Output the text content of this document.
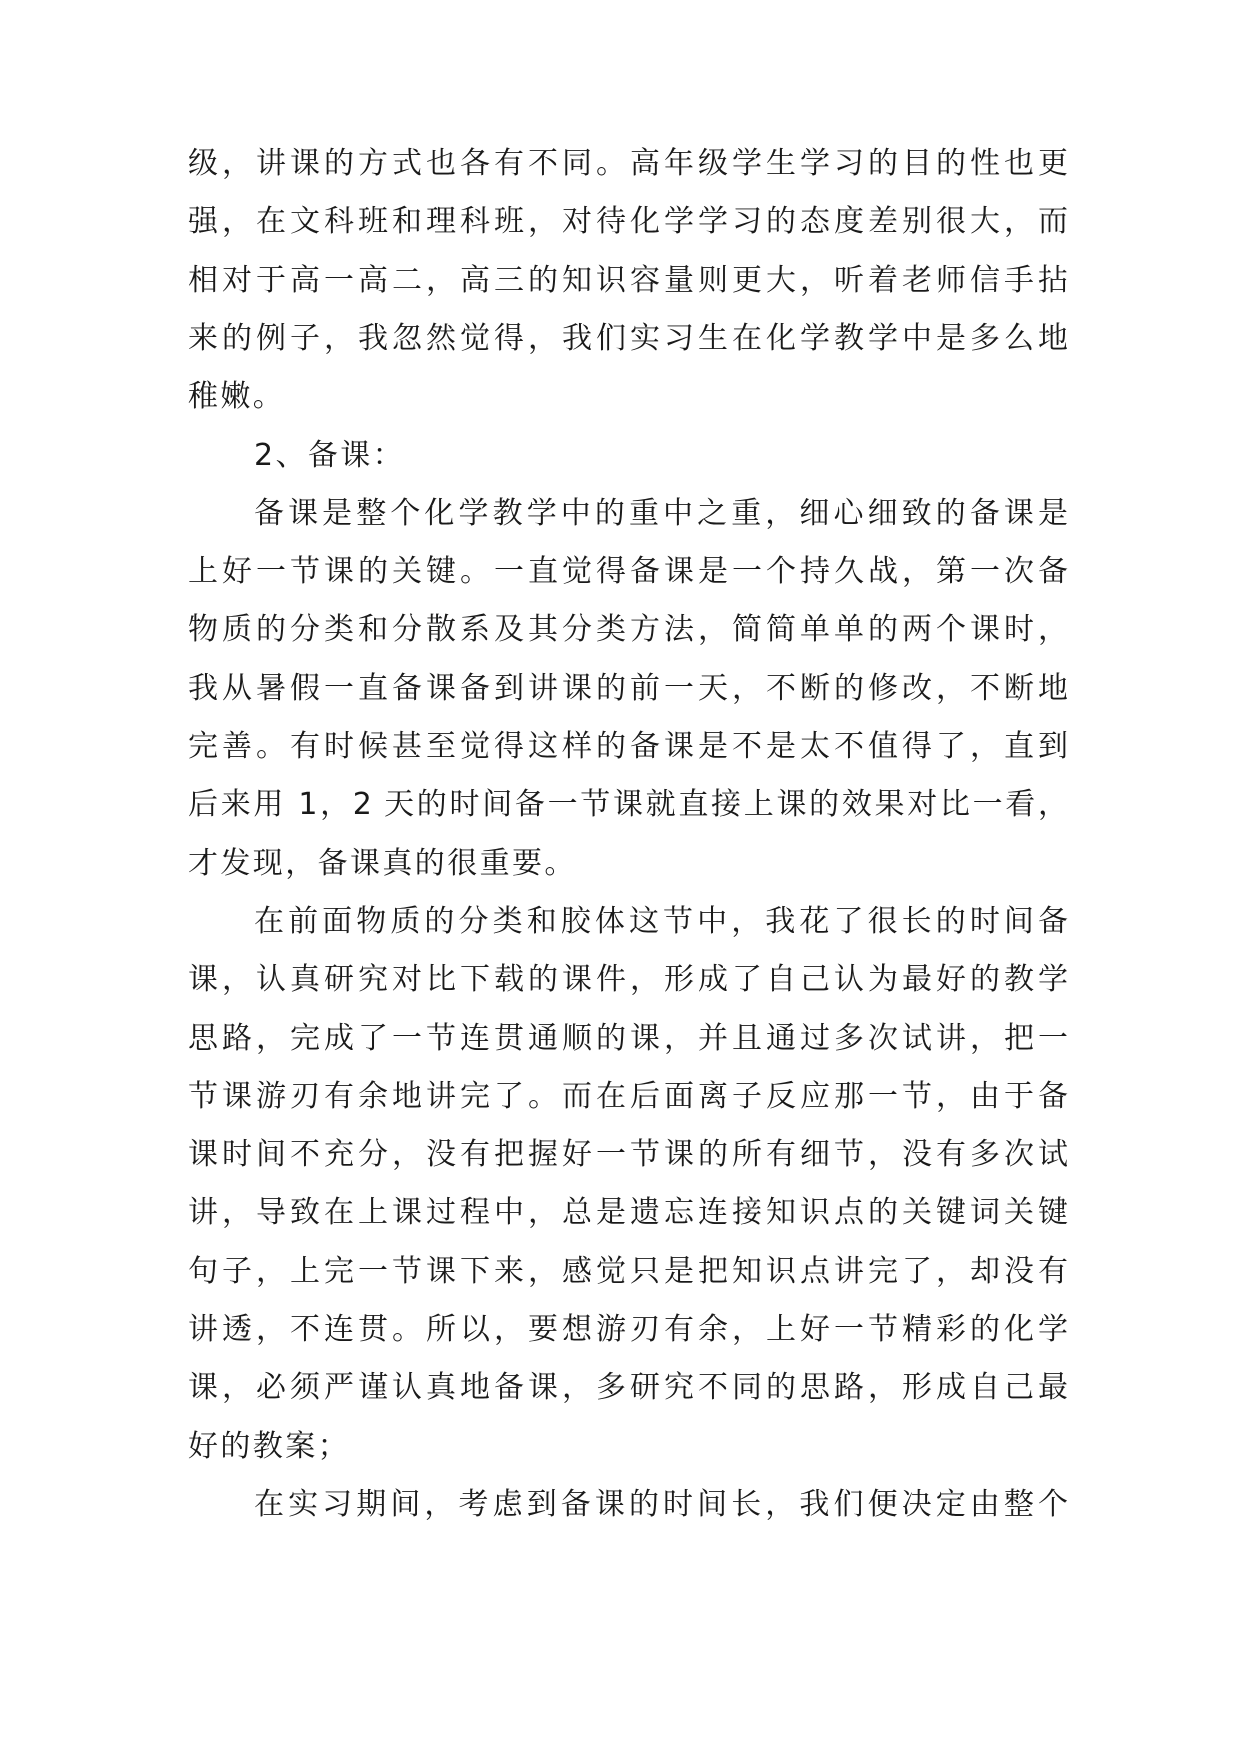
级，讲课的方式也各有不同。高年级学生学习的目的性也更
强，在文科班和理科班，对待化学学习的态度差别很大，而
相对于高一高二，高三的知识容量则更大，听着老师信手拈
来的例子，我忽然觉得，我们实习生在化学教学中是多么地
稚嫩。
2、备课：
备课是整个化学教学中的重中之重，细心细致的备课是
上好一节课的关键。一直觉得备课是一个持久战，第一次备
物质的分类和分散系及其分类方法，简简单单的两个课时，
我从暑假一直备课备到讲课的前一天，不断的修改，不断地
完善。有时候甚至觉得这样的备课是不是太不值得了，直到
后来用 1，2 天的时间备一节课就直接上课的效果对比一看，
才发现，备课真的很重要。
在前面物质的分类和胶体这节中，我花了很长的时间备
课，认真研究对比下载的课件，形成了自己认为最好的教学
思路，完成了一节连贯通顺的课，并且通过多次试讲，把一
节课游刃有余地讲完了。而在后面离子反应那一节，由于备
课时间不充分，没有把握好一节课的所有细节，没有多次试
讲，导致在上课过程中，总是遗忘连接知识点的关键词关键
句子，上完一节课下来，感觉只是把知识点讲完了，却没有
讲透，不连贯。所以，要想游刃有余，上好一节精彩的化学
课，必须严谨认真地备课，多研究不同的思路，形成自己最
好的教案；
在实习期间，考虑到备课的时间长，我们便决定由整个
